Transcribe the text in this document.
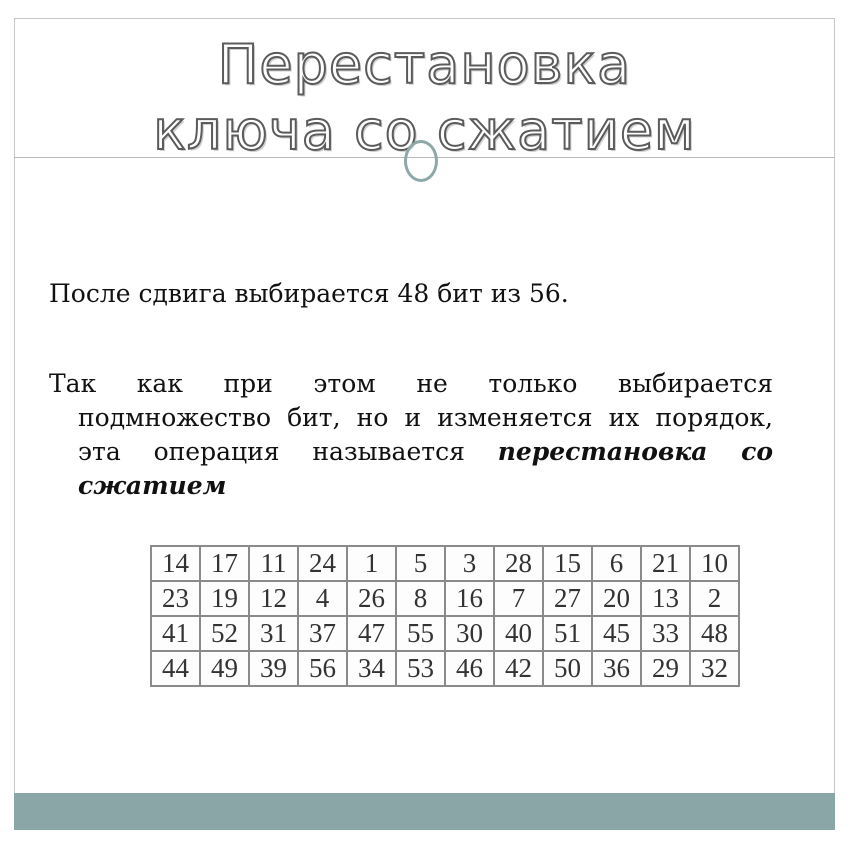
Перестановка
ключа со сжатием

После сдвига выбирается 48 бит из 56.

Так как при этом не только выбирается подмножество бит, но и изменяется их порядок, эта операция называется перестановка со сжатием

14	17	11	24	1	5	3	28	15	6	21	10
23	19	12	4	26	8	16	7	27	20	13	2
41	52	31	37	47	55	30	40	51	45	33	48
44	49	39	56	34	53	46	42	50	36	29	32
